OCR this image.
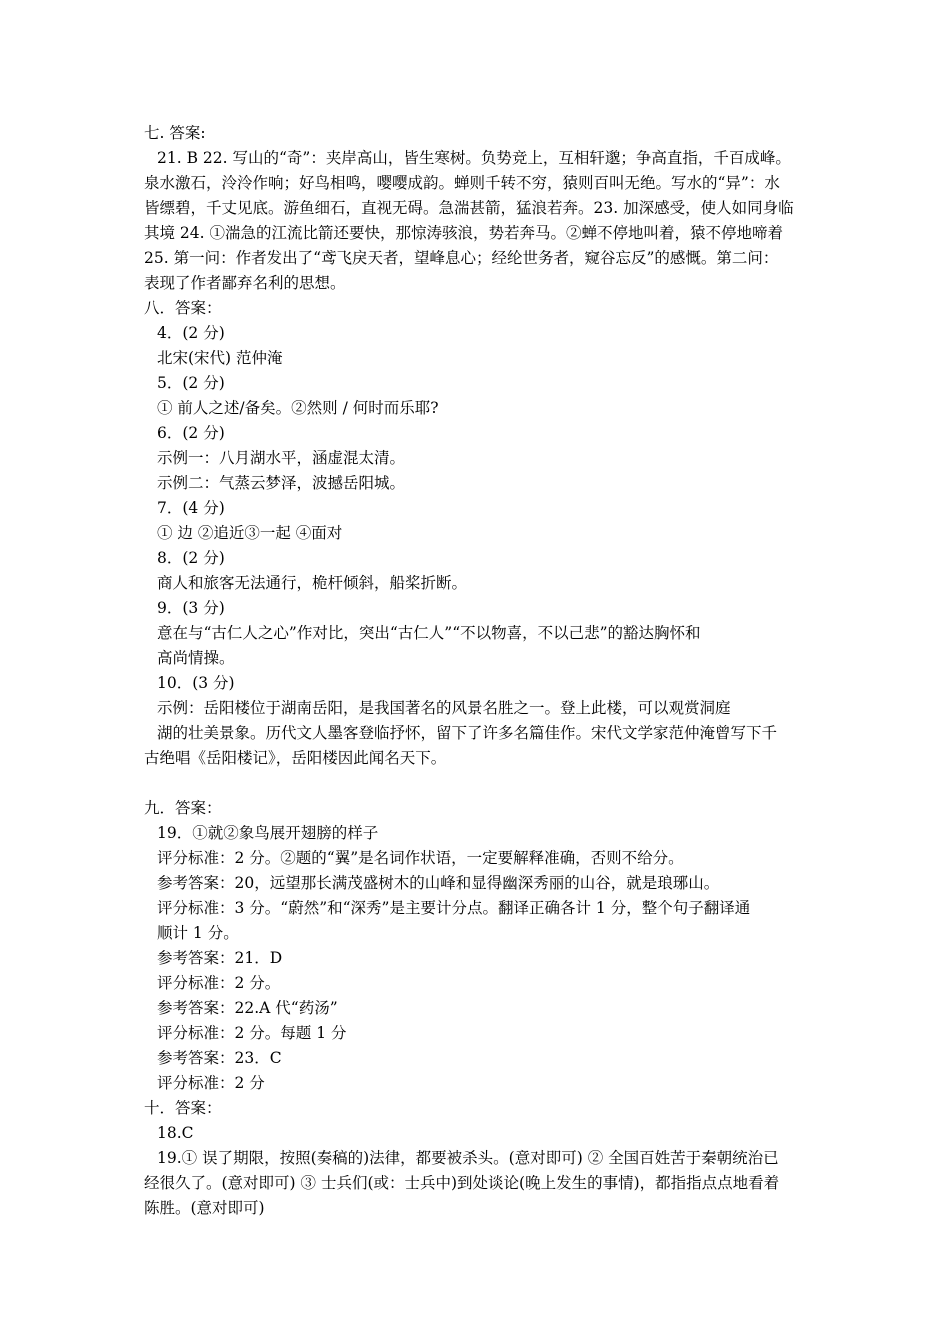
七. 答案:
21. B 22. 写山的“奇”：夹岸高山，皆生寒树。负势竞上，互相轩邈；争高直指，千百成峰。
泉水激石，泠泠作响；好鸟相鸣，嘤嘤成韵。蝉则千转不穷，猿则百叫无绝。写水的“异”：水
皆缥碧，千丈见底。游鱼细石，直视无碍。急湍甚箭，猛浪若奔。23. 加深感受，使人如同身临
其境 24. ①湍急的江流比箭还要快，那惊涛骇浪，势若奔马。②蝉不停地叫着，猿不停地啼着
25. 第一问：作者发出了“鸢飞戾天者，望峰息心；经纶世务者，窥谷忘反”的感慨。第二问：
表现了作者鄙弃名利的思想。
八．答案：
4．(2 分)
北宋(宋代) 范仲淹
5．(2 分)
① 前人之述/备矣。②然则 / 何时而乐耶?
6．(2 分)
示例一：八月湖水平，涵虚混太清。
示例二：气蒸云梦泽，波撼岳阳城。
7．(4 分)
① 边 ②追近③一起 ④面对
8．(2 分)
商人和旅客无法通行，桅杆倾斜，船桨折断。
9．(3 分)
意在与“古仁人之心”作对比，突出“古仁人”“不以物喜，不以己悲”的豁达胸怀和
高尚情操。
10．(3 分)
示例：岳阳楼位于湖南岳阳，是我国著名的风景名胜之一。登上此楼，可以观赏洞庭
湖的壮美景象。历代文人墨客登临抒怀，留下了许多名篇佳作。宋代文学家范仲淹曾写下千
古绝唱《岳阳楼记》，岳阳楼因此闻名天下。
九．答案：
19．①就②象鸟展开翅膀的样子
评分标准：2 分。②题的“翼”是名词作状语，一定要解释准确，否则不给分。
参考答案：20，远望那长满茂盛树木的山峰和显得幽深秀丽的山谷，就是琅琊山。
评分标准：3 分。“蔚然”和“深秀”是主要计分点。翻译正确各计 1 分，整个句子翻译通
顺计 1 分。
参考答案：21．D
评分标准：2 分。
参考答案：22.A 代“药汤”
评分标准：2 分。每题 1 分
参考答案：23．C
评分标准：2 分
十．答案：
18.C
19.① 误了期限，按照(奏稿的)法律，都要被杀头。(意对即可) ② 全国百姓苦于秦朝统治已
经很久了。(意对即可) ③ 士兵们(或：士兵中)到处谈论(晚上发生的事情)，都指指点点地看着
陈胜。(意对即可)
